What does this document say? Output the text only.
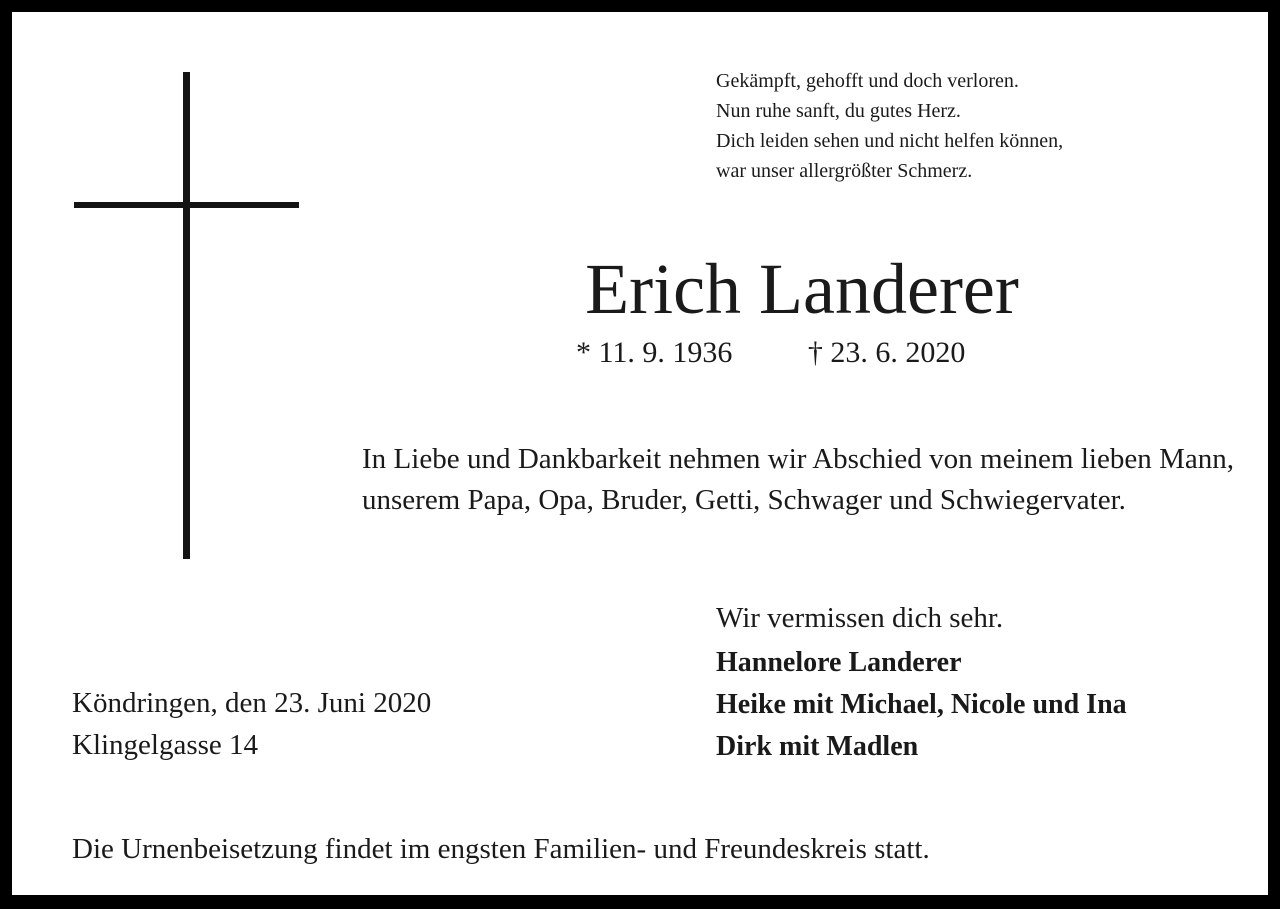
Gekämpft, gehofft und doch verloren.
Nun ruhe sanft, du gutes Herz.
Dich leiden sehen und nicht helfen können,
war unser allergrößter Schmerz.
Erich Landerer
* 11. 9. 1936	† 23. 6. 2020
In Liebe und Dankbarkeit nehmen wir Abschied von meinem lieben Mann, unserem Papa, Opa, Bruder, Getti, Schwager und Schwiegervater.
Wir vermissen dich sehr.
Hannelore Landerer
Heike mit Michael, Nicole und Ina
Dirk mit Madlen
Köndringen, den 23. Juni 2020
Klingelgasse 14
Die Urnenbeisetzung findet im engsten Familien- und Freundeskreis statt.
